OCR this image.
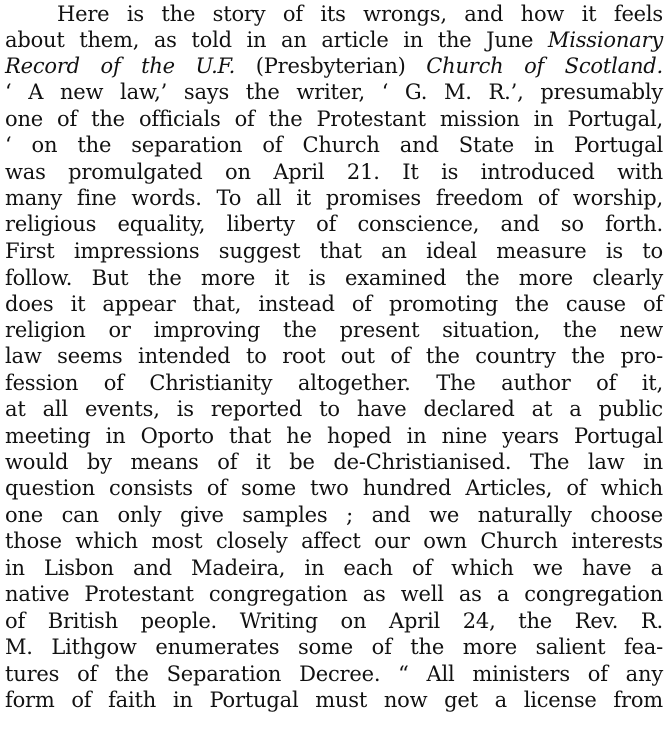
Here is the story of its wrongs, and how it feels
about them, as told in an article in the June Missionary
Record of the U.F. (Presbyterian) Church of Scotland.
‘ A new law,’ says the writer, ‘ G. M. R.’, presumably
one of the officials of the Protestant mission in Portugal,
‘ on the separation of Church and State in Portugal
was promulgated on April 21. It is introduced with
many fine words. To all it promises freedom of worship,
religious equality, liberty of conscience, and so forth.
First impressions suggest that an ideal measure is to
follow. But the more it is examined the more clearly
does it appear that, instead of promoting the cause of
religion or improving the present situation, the new
law seems intended to root out of the country the pro-
fession of Christianity altogether. The author of it,
at all events, is reported to have declared at a public
meeting in Oporto that he hoped in nine years Portugal
would by means of it be de-Christianised. The law in
question consists of some two hundred Articles, of which
one can only give samples ; and we naturally choose
those which most closely affect our own Church interests
in Lisbon and Madeira, in each of which we have a
native Protestant congregation as well as a congregation
of British people. Writing on April 24, the Rev. R.
M. Lithgow enumerates some of the more salient fea-
tures of the Separation Decree. “ All ministers of any
form of faith in Portugal must now get a license from
